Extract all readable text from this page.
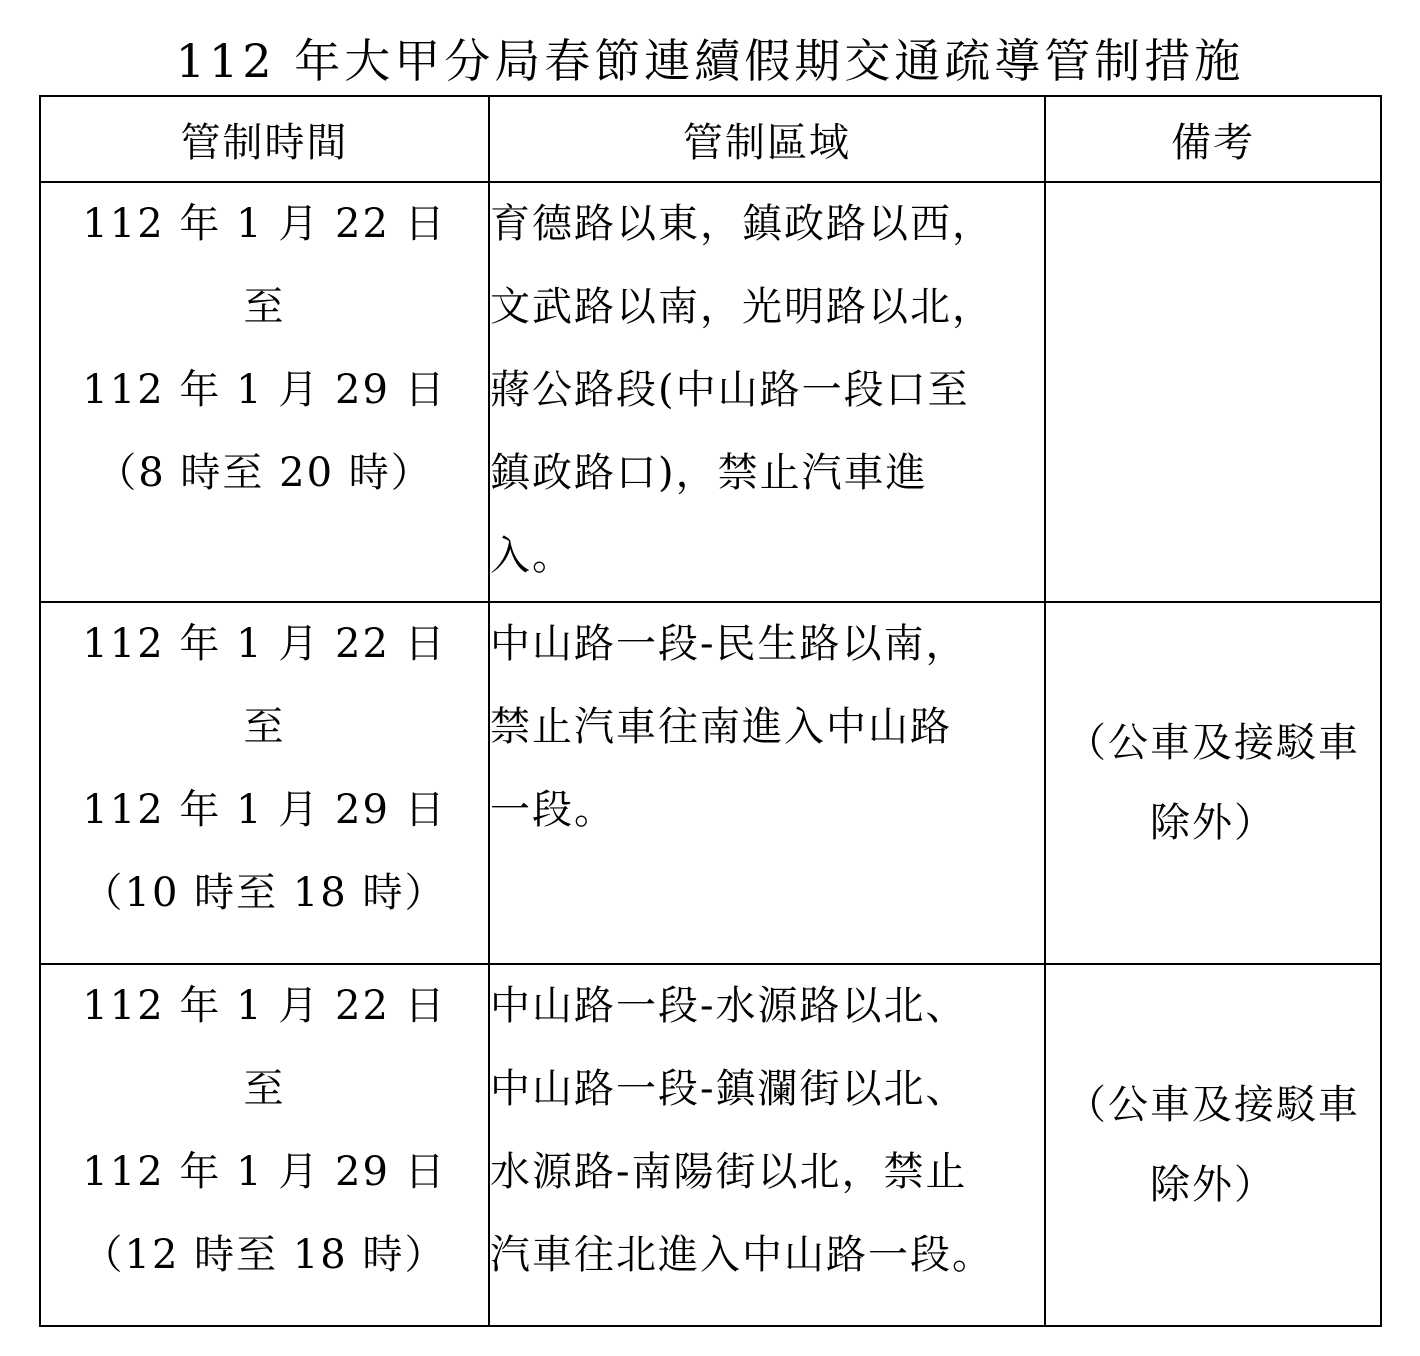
112 年大甲分局春節連續假期交通疏導管制措施
管制時間	管制區域	備考

112 年 1 月 22 日
至
112 年 1 月 29 日
（8 時至 20 時）	育德路以東，鎮政路以西，
文武路以南，光明路以北，
蔣公路段(中山路一段口至
鎮政路口)，禁止汽車進
入。	

112 年 1 月 22 日
至
112 年 1 月 29 日
（10 時至 18 時）	中山路一段-民生路以南，
禁止汽車往南進入中山路
一段。	（公車及接駁車
除外）

112 年 1 月 22 日
至
112 年 1 月 29 日
（12 時至 18 時）	中山路一段-水源路以北、
中山路一段-鎮瀾街以北、
水源路-南陽街以北，禁止
汽車往北進入中山路一段。	（公車及接駁車
除外）
